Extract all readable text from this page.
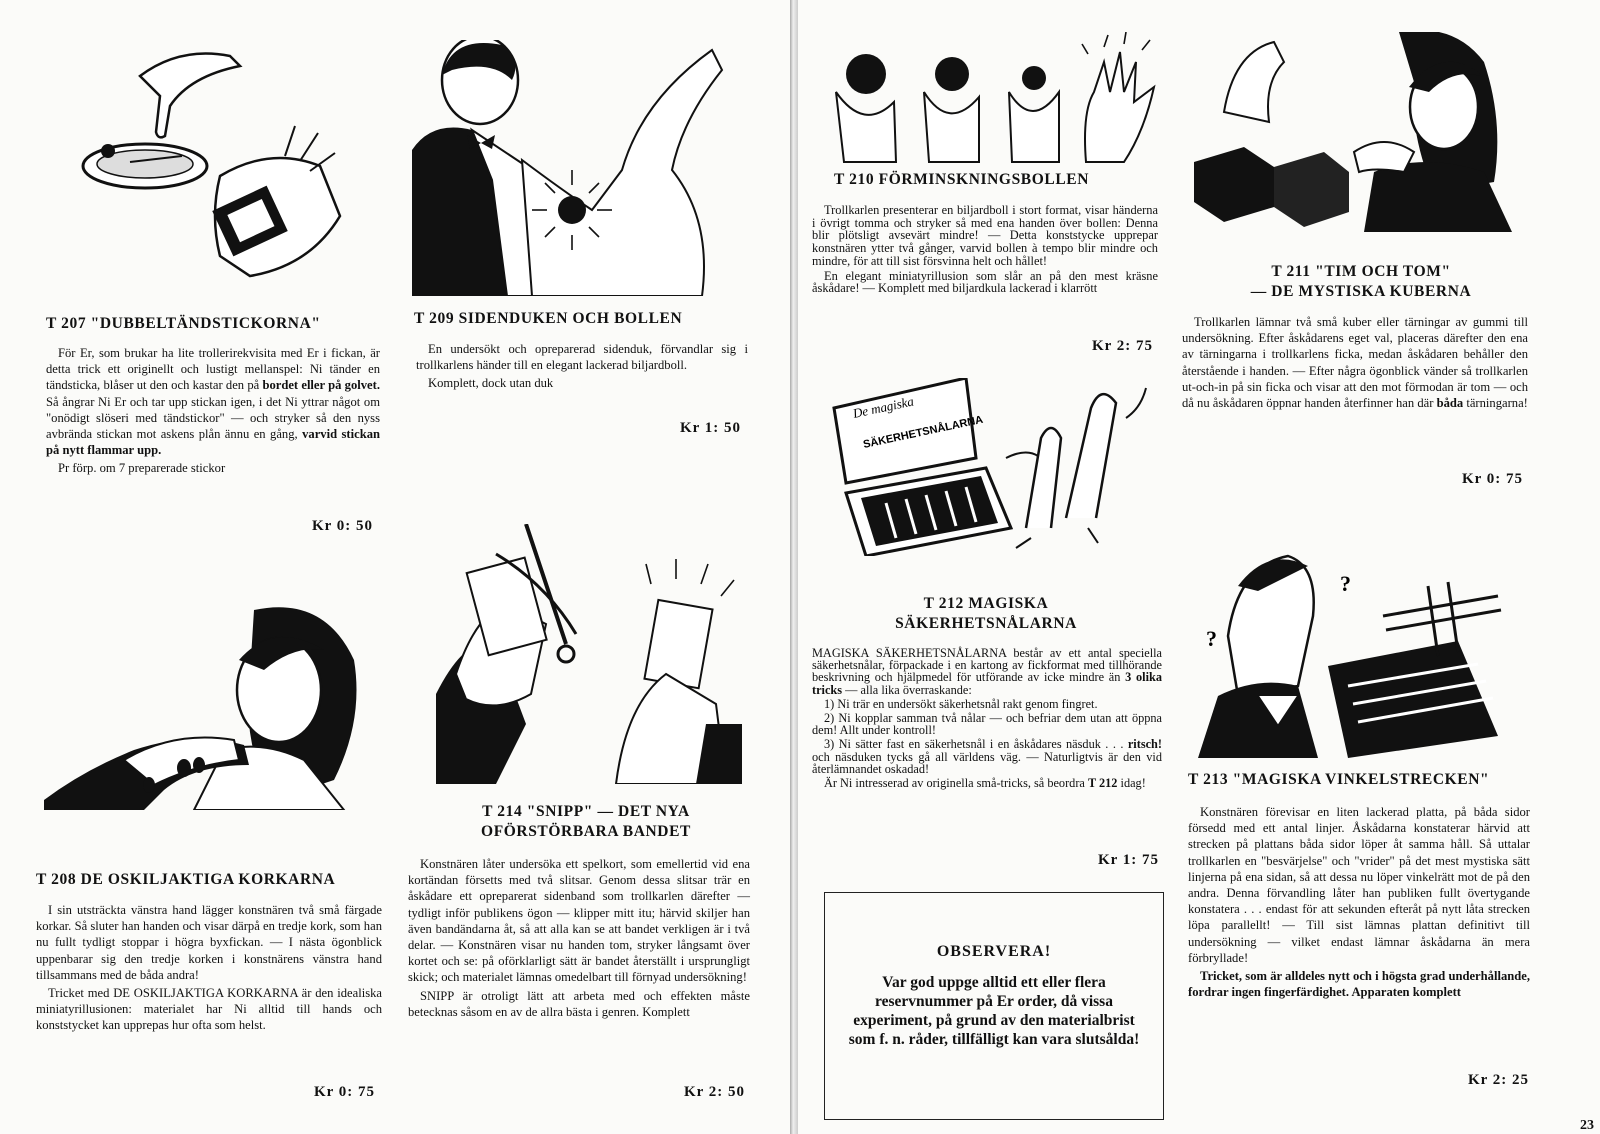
T 207 "DUBBELTÄNDSTICKORNA"

För Er, som brukar ha lite trollerirekvisita med Er i fickan, är detta trick ett originellt och lustigt mellanspel: Ni tänder en tändsticka, blåser ut den och kastar den på bordet eller på golvet. Så ångrar Ni Er och tar upp stickan igen, i det Ni yttrar något om "onödigt slöseri med tändstickor" — och stryker så den nyss avbrända stickan mot askens plån ännu en gång, varvid stickan på nytt flammar upp.

Pr förp. om 7 preparerade stickor

Kr 0: 50
T 209 SIDENDUKEN OCH BOLLEN

En undersökt och opreparerad sidenduk, förvandlar sig i trollkarlens händer till en elegant lackerad biljardboll.

Komplett, dock utan duk

Kr 1: 50
T 208 DE OSKILJAKTIGA KORKARNA

I sin utsträckta vänstra hand lägger konstnären två små färgade korkar. Så sluter han handen och visar därpå en tredje kork, som han nu fullt tydligt stoppar i högra byxfickan. — I nästa ögonblick uppenbarar sig den tredje korken i konstnärens vänstra hand tillsammans med de båda andra!

Tricket med DE OSKILJAKTIGA KORKARNA är den idealiska miniatyrillusionen: materialet har Ni alltid till hands och konststycket kan upprepas hur ofta som helst.

Kr 0: 75
T 214 "SNIPP" — DET NYA
OFÖRSTÖRBARA BANDET

Konstnären låter undersöka ett spelkort, som emellertid vid ena kortändan försetts med två slitsar. Genom dessa slitsar trär en åskådare ett opreparerat sidenband som trollkarlen därefter — tydligt inför publikens ögon — klipper mitt itu; härvid skiljer han även bandändarna åt, så att alla kan se att bandet verkligen är i två delar. — Konstnären visar nu handen tom, stryker långsamt över kortet och se: på oförklarligt sätt är bandet återställt i ursprungligt skick; och materialet lämnas omedelbart till förnyad undersökning!

SNIPP är otroligt lätt att arbeta med och effekten måste betecknas såsom en av de allra bästa i genren. Komplett

Kr 2: 50
T 210 FÖRMINSKNINGSBOLLEN

Trollkarlen presenterar en biljardboll i stort format, visar händerna i övrigt tomma och stryker så med ena handen över bollen: Denna blir plötsligt avsevärt mindre! — Detta konststycke upprepar konstnären ytter två gånger, varvid bollen à tempo blir mindre och mindre, för att till sist försvinna helt och hållet!

En elegant miniatyrillusion som slår an på den mest kräsne åskådare! — Komplett med biljardkula lackerad i klarrött

Kr 2: 75
T 211 "TIM OCH TOM"
— DE MYSTISKA KUBERNA

Trollkarlen lämnar två små kuber eller tärningar av gummi till undersökning. Efter åskådarens eget val, placeras därefter den ena av tärningarna i trollkarlens ficka, medan åskådaren behåller den återstående i handen. — Efter några ögonblick vänder så trollkarlen ut-och-in på sin ficka och visar att den mot förmodan är tom — och då nu åskådaren öppnar handen återfinner han där båda tärningarna!

Kr 0: 75
De magiska
SÄKERHETSNÅLARNA
T 212 MAGISKA
SÄKERHETSNÅLARNA

MAGISKA SÄKERHETSNÅLARNA består av ett antal speciella säkerhetsnålar, förpackade i en kartong av fickformat med tillhörande beskrivning och hjälpmedel för utförande av icke mindre än 3 olika tricks — alla lika överraskande:

1) Ni trär en undersökt säkerhetsnål rakt genom fingret.

2) Ni kopplar samman två nålar — och befriar dem utan att öppna dem! Allt under kontroll!

3) Ni sätter fast en säkerhetsnål i en åskådares näsduk . . . ritsch! och näsduken tycks gå all världens väg. — Naturligtvis är den vid återlämnandet oskadad!

Är Ni intresserad av originella små-tricks, så beordra T 212 idag!

Kr 1: 75
OBSERVERA!
Var god uppge alltid ett eller flera reservnummer på Er order, då vissa experiment, på grund av den materialbrist som f. n. råder, tillfälligt kan vara slutsålda!
?
?
T 213 "MAGISKA VINKELSTRECKEN"

Konstnären förevisar en liten lackerad platta, på båda sidor försedd med ett antal linjer. Åskådarna konstaterar härvid att strecken på plattans båda sidor löper åt samma håll. Så uttalar trollkarlen en "besvärjelse" och "vrider" på det mest mystiska sätt linjerna på ena sidan, så att dessa nu löper vinkelrätt mot de på den andra. Denna förvandling låter han publiken fullt övertygande konstatera . . . endast för att sekunden efteråt på nytt låta strecken löpa parallellt! — Till sist lämnas plattan definitivt till undersökning — vilket endast lämnar åskådarna än mera förbryllade!

Tricket, som är alldeles nytt och i högsta grad underhållande, fordrar ingen fingerfärdighet. Apparaten komplett

Kr 2: 25
23
